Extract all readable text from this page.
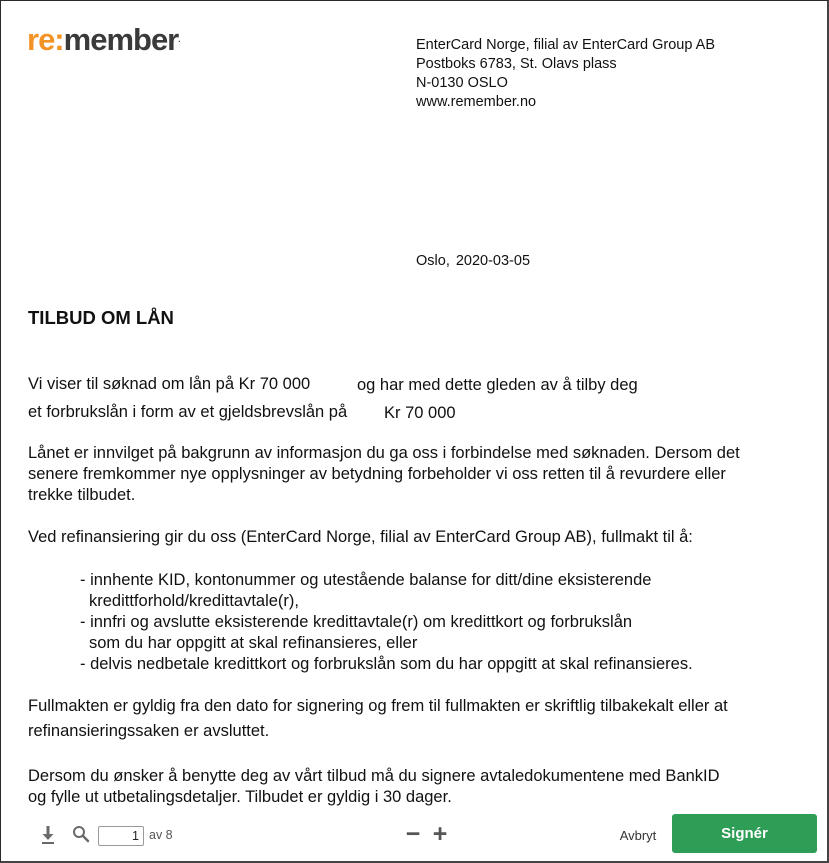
re:member.	EnterCard Norge, filial av EnterCard Group AB
Postboks 6783, St. Olavs plass
N-0130 OSLO
www.remember.no
Oslo, 2020-03-05
TILBUD OM LÅN
Vi viser til søknad om lån på Kr 70 000	og har med dette gleden av å tilby deg
et forbrukslån i form av et gjeldsbrevslån på Kr 70 000
Lånet er innvilget på bakgrunn av informasjon du ga oss i forbindelse med søknaden. Dersom det
senere fremkommer nye opplysninger av betydning forbeholder vi oss retten til å revurdere eller
trekke tilbudet.
Ved refinansiering gir du oss (EnterCard Norge, filial av EnterCard Group AB), fullmakt til å:
- innhente KID, kontonummer og utestående balanse for ditt/dine eksisterende
kredittforhold/kredittavtale(r),
- innfri og avslutte eksisterende kredittavtale(r) om kredittkort og forbrukslån
som du har oppgitt at skal refinansieres, eller
- delvis nedbetale kredittkort og forbrukslån som du har oppgitt at skal refinansieres.
Fullmakten er gyldig fra den dato for signering og frem til fullmakten er skriftlig tilbakekalt eller at
refinansieringssaken er avsluttet.
Dersom du ønsker å benytte deg av vårt tilbud må du signere avtaledokumentene med BankID
og fylle ut utbetalingsdetaljer. Tilbudet er gyldig i 30 dager.
1 av 8	− +	Avbryt	Signér
